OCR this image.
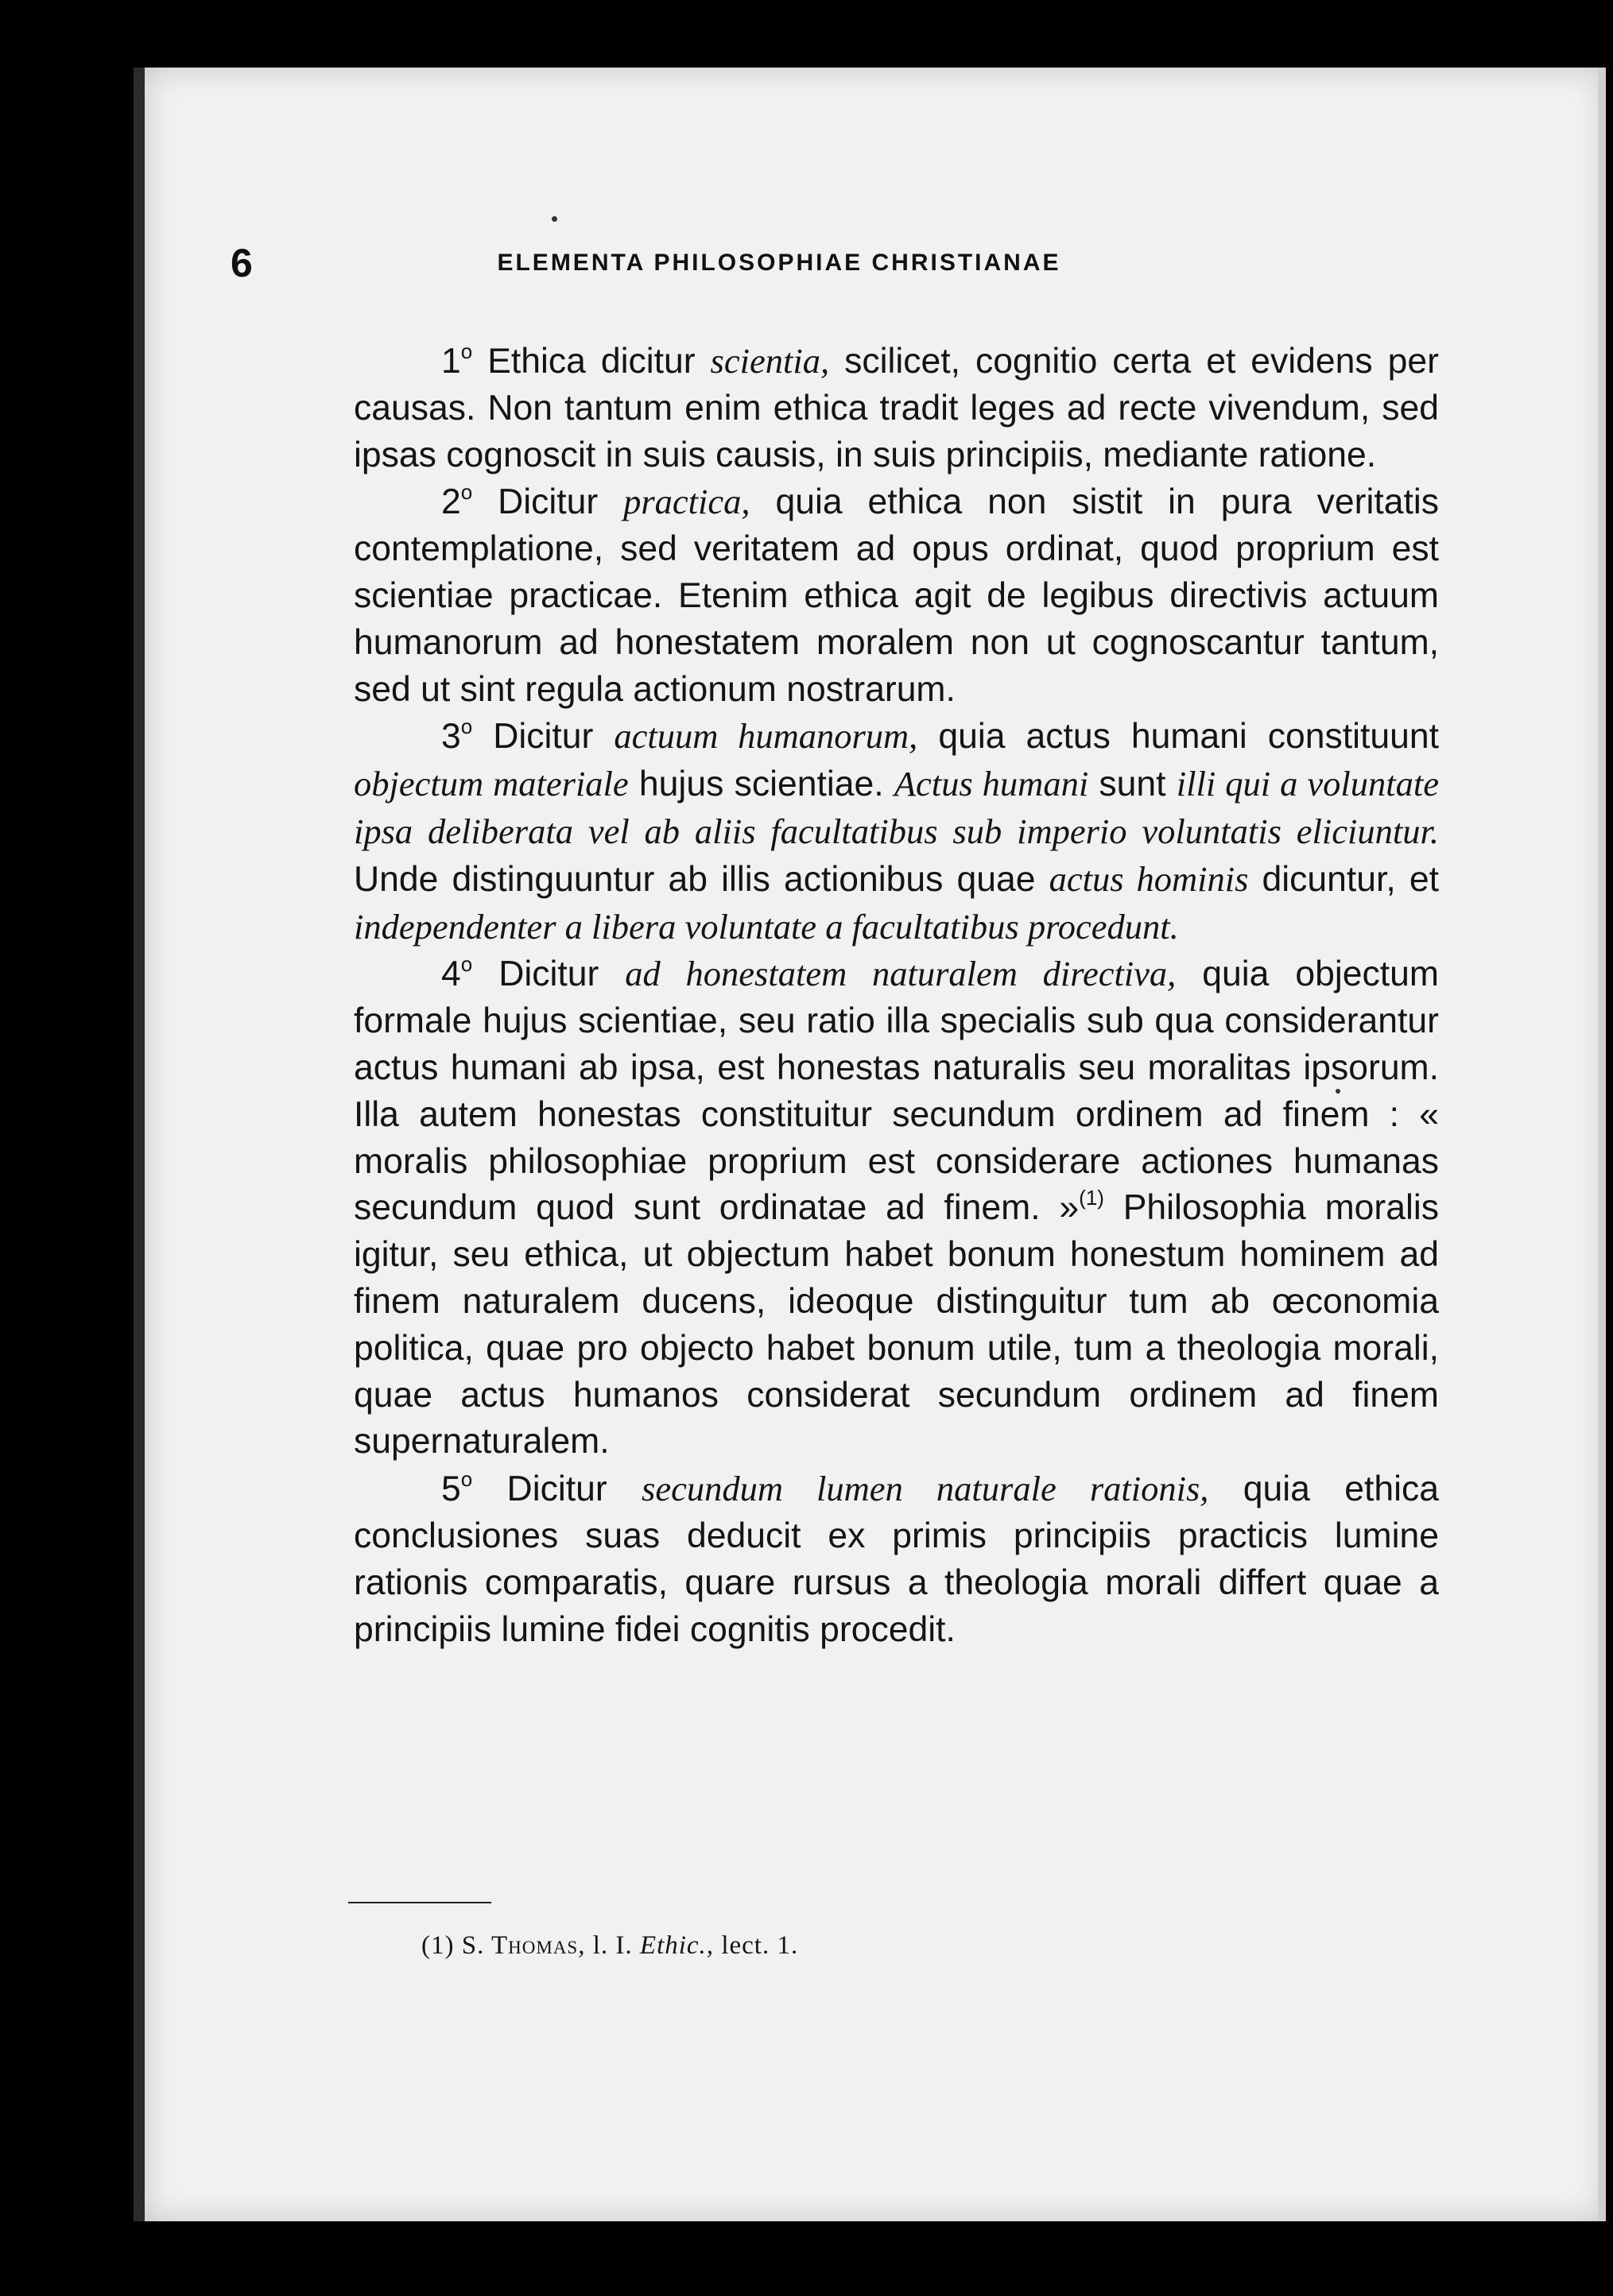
6	ELEMENTA PHILOSOPHIAE CHRISTIANAE

1$^o$ Ethica dicitur scientia, scilicet, cognitio certa et evidens per causas. Non tantum enim ethica tradit leges ad recte vivendum, sed ipsas cognoscit in suis causis, in suis principiis, mediante ratione.

2$^o$ Dicitur practica, quia ethica non sistit in pura veritatis contemplatione, sed veritatem ad opus ordinat, quod proprium est scientiae practicae. Etenim ethica agit de legibus directivis actuum humanorum ad honestatem moralem non ut cognoscantur tantum, sed ut sint regula actionum nostrarum.

3$^o$ Dicitur actuum humanorum, quia actus humani constituunt objectum materiale hujus scientiae. Actus humani sunt illi qui a voluntate ipsa deliberata vel ab aliis facultatibus sub imperio voluntatis eliciuntur. Unde distinguuntur ab illis actionibus quae actus hominis dicuntur, et independenter a libera voluntate a facultatibus procedunt.

4$^o$ Dicitur ad honestatem naturalem directiva, quia objectum formale hujus scientiae, seu ratio illa specialis sub qua considerantur actus humani ab ipsa, est honestas naturalis seu moralitas ipsorum. Illa autem honestas constituitur secundum ordinem ad finem : « moralis philosophiae proprium est considerare actiones humanas secundum quod sunt ordinatae ad finem. »$^{(1)}$ Philosophia moralis igitur, seu ethica, ut objectum habet bonum honestum hominem ad finem naturalem ducens, ideoque distinguitur tum ab œconomia politica, quae pro objecto habet bonum utile, tum a theologia morali, quae actus humanos considerat secundum ordinem ad finem supernaturalem.

5$^o$ Dicitur secundum lumen naturale rationis, quia ethica conclusiones suas deducit ex primis principiis practicis lumine rationis comparatis, quare rursus a theologia morali differt quae a principiis lumine fidei cognitis procedit.

(1) S. Thomas, l. I. Ethic., lect. 1.
